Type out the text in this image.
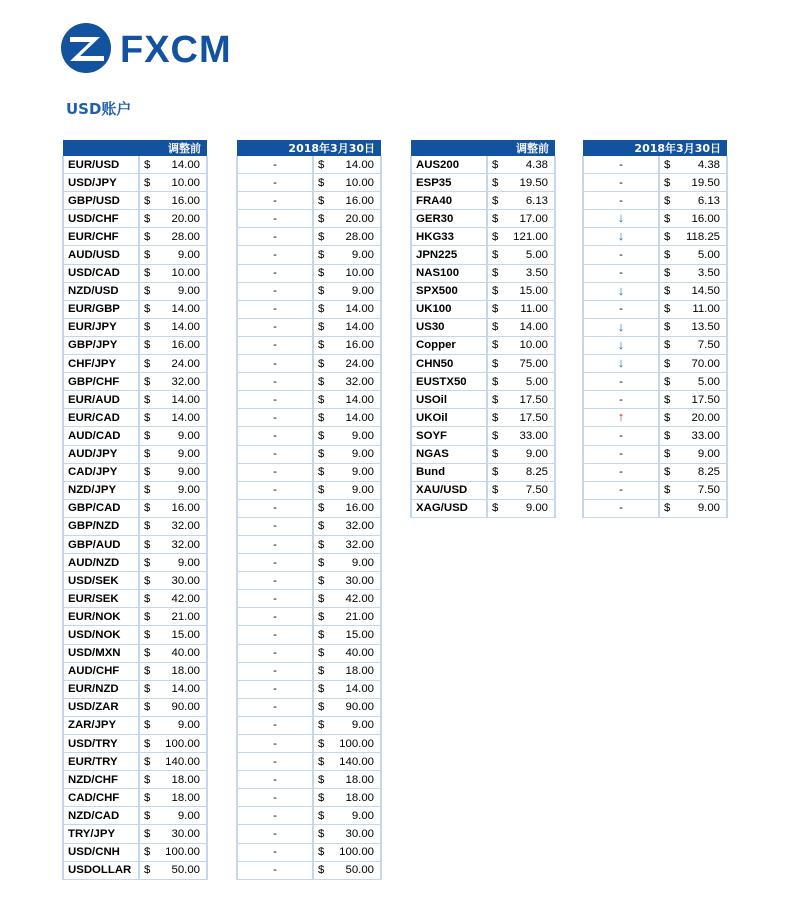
FXCM
USD账户
调整前		
EUR/USD	$	14.00
USD/JPY	$	10.00
GBP/USD	$	16.00
USD/CHF	$	20.00
EUR/CHF	$	28.00
AUD/USD	$	9.00
USD/CAD	$	10.00
NZD/USD	$	9.00
EUR/GBP	$	14.00
EUR/JPY	$	14.00
GBP/JPY	$	16.00
CHF/JPY	$	24.00
GBP/CHF	$	32.00
EUR/AUD	$	14.00
EUR/CAD	$	14.00
AUD/CAD	$	9.00
AUD/JPY	$	9.00
CAD/JPY	$	9.00
NZD/JPY	$	9.00
GBP/CAD	$	16.00
GBP/NZD	$	32.00
GBP/AUD	$	32.00
AUD/NZD	$	9.00
USD/SEK	$	30.00
EUR/SEK	$	42.00
EUR/NOK	$	21.00
USD/NOK	$	15.00
USD/MXN	$	40.00
AUD/CHF	$	18.00
EUR/NZD	$	14.00
USD/ZAR	$	90.00
ZAR/JPY	$	9.00
USD/TRY	$	100.00
EUR/TRY	$	140.00
NZD/CHF	$	18.00
CAD/CHF	$	18.00
NZD/CAD	$	9.00
TRY/JPY	$	30.00
USD/CNH	$	100.00
USDOLLAR	$	50.00
2018年3月30日		
-	$	14.00
-	$	10.00
-	$	16.00
-	$	20.00
-	$	28.00
-	$	9.00
-	$	10.00
-	$	9.00
-	$	14.00
-	$	14.00
-	$	16.00
-	$	24.00
-	$	32.00
-	$	14.00
-	$	14.00
-	$	9.00
-	$	9.00
-	$	9.00
-	$	9.00
-	$	16.00
-	$	32.00
-	$	32.00
-	$	9.00
-	$	30.00
-	$	42.00
-	$	21.00
-	$	15.00
-	$	40.00
-	$	18.00
-	$	14.00
-	$	90.00
-	$	9.00
-	$	100.00
-	$	140.00
-	$	18.00
-	$	18.00
-	$	9.00
-	$	30.00
-	$	100.00
-	$	50.00
调整前		
AUS200	$	4.38
ESP35	$	19.50
FRA40	$	6.13
GER30	$	17.00
HKG33	$	121.00
JPN225	$	5.00
NAS100	$	3.50
SPX500	$	15.00
UK100	$	11.00
US30	$	14.00
Copper	$	10.00
CHN50	$	75.00
EUSTX50	$	5.00
USOil	$	17.50
UKOil	$	17.50
SOYF	$	33.00
NGAS	$	9.00
Bund	$	8.25
XAU/USD	$	7.50
XAG/USD	$	9.00
2018年3月30日		
-	$	4.38
-	$	19.50
-	$	6.13
↓	$	16.00
↓	$	118.25
-	$	5.00
-	$	3.50
↓	$	14.50
-	$	11.00
↓	$	13.50
↓	$	7.50
↓	$	70.00
-	$	5.00
-	$	17.50
↑	$	20.00
-	$	33.00
-	$	9.00
-	$	8.25
-	$	7.50
-	$	9.00
